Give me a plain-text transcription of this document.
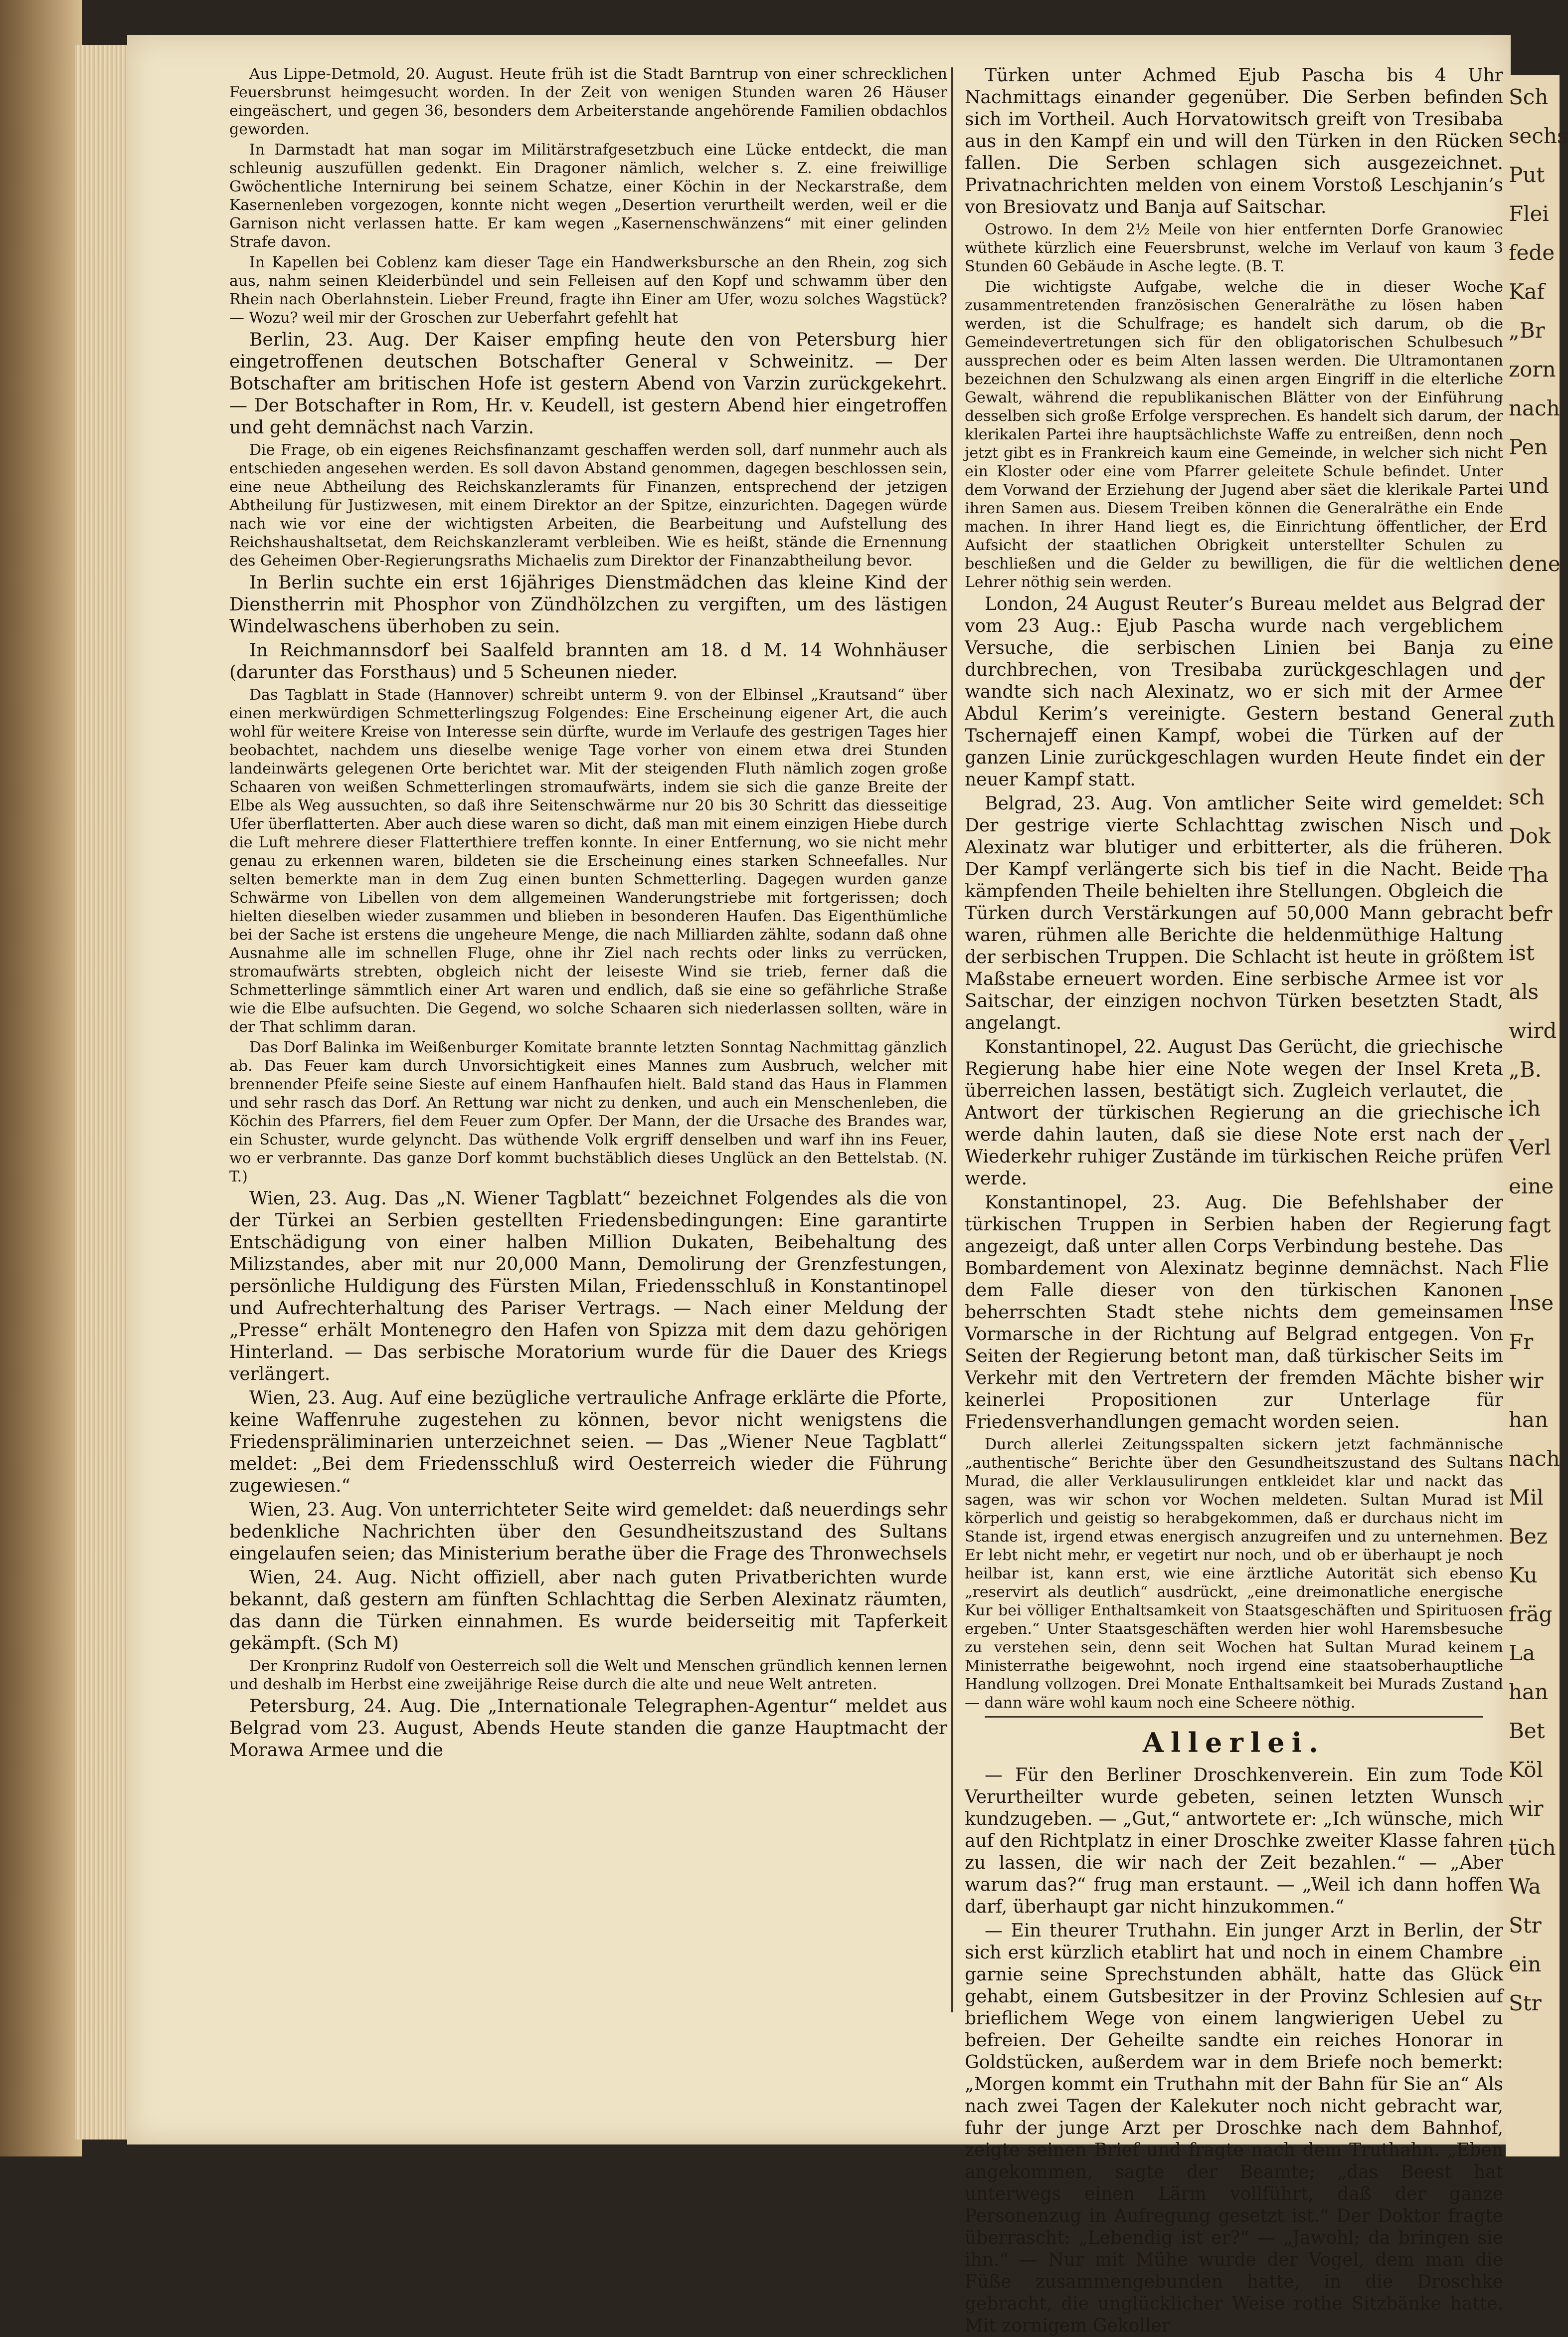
Aus Lippe-Detmold, 20. August. Heute früh ist die Stadt Barntrup von einer schrecklichen Feuersbrunst heimgesucht worden. In der Zeit von wenigen Stunden waren 26 Häuser eingeäschert, und gegen 36, besonders dem Arbeiterstande angehörende Familien obdachlos geworden.

In Darmstadt hat man sogar im Militärstrafgesetzbuch eine Lücke entdeckt, die man schleunig auszufüllen gedenkt. Ein Dragoner nämlich, welcher s. Z. eine freiwillige Gwöchentliche Internirung bei seinem Schatze, einer Köchin in der Neckarstraße, dem Kasernenleben vorgezogen, konnte nicht wegen „Desertion verurtheilt werden, weil er die Garnison nicht verlassen hatte. Er kam wegen „Kasernenschwänzens“ mit einer gelinden Strafe davon.

In Kapellen bei Coblenz kam dieser Tage ein Handwerksbursche an den Rhein, zog sich aus, nahm seinen Kleiderbündel und sein Felleisen auf den Kopf und schwamm über den Rhein nach Oberlahnstein. Lieber Freund, fragte ihn Einer am Ufer, wozu solches Wagstück? — Wozu? weil mir der Groschen zur Ueberfahrt gefehlt hat

Berlin, 23. Aug. Der Kaiser empfing heute den von Petersburg hier eingetroffenen deutschen Botschafter General v Schweinitz. — Der Botschafter am britischen Hofe ist gestern Abend von Varzin zurückgekehrt. — Der Botschafter in Rom, Hr. v. Keudell, ist gestern Abend hier eingetroffen und geht demnächst nach Varzin.

Die Frage, ob ein eigenes Reichsfinanzamt geschaffen werden soll, darf nunmehr auch als entschieden angesehen werden. Es soll davon Abstand genommen, dagegen beschlossen sein, eine neue Abtheilung des Reichskanzleramts für Finanzen, entsprechend der jetzigen Abtheilung für Justizwesen, mit einem Direktor an der Spitze, einzurichten. Dagegen würde nach wie vor eine der wichtigsten Arbeiten, die Bearbeitung und Aufstellung des Reichshaushaltsetat, dem Reichskanzleramt verbleiben. Wie es heißt, stände die Ernennung des Geheimen Ober-Regierungsraths Michaelis zum Direktor der Finanzabtheilung bevor.

In Berlin suchte ein erst 16jähriges Dienstmädchen das kleine Kind der Dienstherrin mit Phosphor von Zündhölzchen zu vergiften, um des lästigen Windelwaschens überhoben zu sein.

In Reichmannsdorf bei Saalfeld brannten am 18. d M. 14 Wohnhäuser (darunter das Forsthaus) und 5 Scheunen nieder.

Das Tagblatt in Stade (Hannover) schreibt unterm 9. von der Elbinsel „Krautsand“ über einen merkwürdigen Schmetterlingszug Folgendes: Eine Erscheinung eigener Art, die auch wohl für weitere Kreise von Interesse sein dürfte, wurde im Verlaufe des gestrigen Tages hier beobachtet, nachdem uns dieselbe wenige Tage vorher von einem etwa drei Stunden landeinwärts gelegenen Orte berichtet war. Mit der steigenden Fluth nämlich zogen große Schaaren von weißen Schmetterlingen stromaufwärts, indem sie sich die ganze Breite der Elbe als Weg aussuchten, so daß ihre Seitenschwärme nur 20 bis 30 Schritt das diesseitige Ufer überflatterten. Aber auch diese waren so dicht, daß man mit einem einzigen Hiebe durch die Luft mehrere dieser Flatterthiere treffen konnte. In einer Entfernung, wo sie nicht mehr genau zu erkennen waren, bildeten sie die Erscheinung eines starken Schneefalles. Nur selten bemerkte man in dem Zug einen bunten Schmetterling. Dagegen wurden ganze Schwärme von Libellen von dem allgemeinen Wanderungstriebe mit fortgerissen; doch hielten dieselben wieder zusammen und blieben in besonderen Haufen. Das Eigenthümliche bei der Sache ist erstens die ungeheure Menge, die nach Milliarden zählte, sodann daß ohne Ausnahme alle im schnellen Fluge, ohne ihr Ziel nach rechts oder links zu verrücken, stromaufwärts strebten, obgleich nicht der leiseste Wind sie trieb, ferner daß die Schmetterlinge sämmtlich einer Art waren und endlich, daß sie eine so gefährliche Straße wie die Elbe aufsuchten. Die Gegend, wo solche Schaaren sich niederlassen sollten, wäre in der That schlimm daran.

Das Dorf Balinka im Weißenburger Komitate brannte letzten Sonntag Nachmittag gänzlich ab. Das Feuer kam durch Unvorsichtigkeit eines Mannes zum Ausbruch, welcher mit brennender Pfeife seine Sieste auf einem Hanfhaufen hielt. Bald stand das Haus in Flammen und sehr rasch das Dorf. An Rettung war nicht zu denken, und auch ein Menschenleben, die Köchin des Pfarrers, fiel dem Feuer zum Opfer. Der Mann, der die Ursache des Brandes war, ein Schuster, wurde gelyncht. Das wüthende Volk ergriff denselben und warf ihn ins Feuer, wo er verbrannte. Das ganze Dorf kommt buchstäblich dieses Unglück an den Bettelstab. (N. T.)

Wien, 23. Aug. Das „N. Wiener Tagblatt“ bezeichnet Folgendes als die von der Türkei an Serbien gestellten Friedensbedingungen: Eine garantirte Entschädigung von einer halben Million Dukaten, Beibehaltung des Milizstandes, aber mit nur 20,000 Mann, Demolirung der Grenzfestungen, persönliche Huldigung des Fürsten Milan, Friedensschluß in Konstantinopel und Aufrechterhaltung des Pariser Vertrags. — Nach einer Meldung der „Presse“ erhält Montenegro den Hafen von Spizza mit dem dazu gehörigen Hinterland. — Das serbische Moratorium wurde für die Dauer des Kriegs verlängert.

Wien, 23. Aug. Auf eine bezügliche vertrauliche Anfrage erklärte die Pforte, keine Waffenruhe zugestehen zu können, bevor nicht wenigstens die Friedenspräliminarien unterzeichnet seien. — Das „Wiener Neue Tagblatt“ meldet: „Bei dem Friedensschluß wird Oesterreich wieder die Führung zugewiesen.“

Wien, 23. Aug. Von unterrichteter Seite wird gemeldet: daß neuerdings sehr bedenkliche Nachrichten über den Gesundheitszustand des Sultans eingelaufen seien; das Ministerium berathe über die Frage des Thronwechsels

Wien, 24. Aug. Nicht offiziell, aber nach guten Privatberichten wurde bekannt, daß gestern am fünften Schlachttag die Serben Alexinatz räumten, das dann die Türken einnahmen. Es wurde beiderseitig mit Tapferkeit gekämpft. (Sch M)

Der Kronprinz Rudolf von Oesterreich soll die Welt und Menschen gründlich kennen lernen und deshalb im Herbst eine zweijährige Reise durch die alte und neue Welt antreten.

Petersburg, 24. Aug. Die „Internationale Telegraphen-Agentur“ meldet aus Belgrad vom 23. August, Abends Heute standen die ganze Hauptmacht der Morawa Armee und die

Türken unter Achmed Ejub Pascha bis 4 Uhr Nachmittags einander gegenüber. Die Serben befinden sich im Vortheil. Auch Horvatowitsch greift von Tresibaba aus in den Kampf ein und will den Türken in den Rücken fallen. Die Serben schlagen sich ausgezeichnet. Privatnachrichten melden von einem Vorstoß Leschjanin’s von Bresiovatz und Banja auf Saitschar.

Ostrowo. In dem 2½ Meile von hier entfernten Dorfe Granowiec wüthete kürzlich eine Feuersbrunst, welche im Verlauf von kaum 3 Stunden 60 Gebäude in Asche legte. (B. T.

Die wichtigste Aufgabe, welche die in dieser Woche zusammentretenden französischen Generalräthe zu lösen haben werden, ist die Schulfrage; es handelt sich darum, ob die Gemeindevertretungen sich für den obligatorischen Schulbesuch aussprechen oder es beim Alten lassen werden. Die Ultramontanen bezeichnen den Schulzwang als einen argen Eingriff in die elterliche Gewalt, während die republikanischen Blätter von der Einführung desselben sich große Erfolge versprechen. Es handelt sich darum, der klerikalen Partei ihre hauptsächlichste Waffe zu entreißen, denn noch jetzt gibt es in Frankreich kaum eine Gemeinde, in welcher sich nicht ein Kloster oder eine vom Pfarrer geleitete Schule befindet. Unter dem Vorwand der Erziehung der Jugend aber säet die klerikale Partei ihren Samen aus. Diesem Treiben können die Generalräthe ein Ende machen. In ihrer Hand liegt es, die Einrichtung öffentlicher, der Aufsicht der staatlichen Obrigkeit unterstellter Schulen zu beschließen und die Gelder zu bewilligen, die für die weltlichen Lehrer nöthig sein werden.

London, 24 August Reuter’s Bureau meldet aus Belgrad vom 23 Aug.: Ejub Pascha wurde nach vergeblichem Versuche, die serbischen Linien bei Banja zu durchbrechen, von Tresibaba zurückgeschlagen und wandte sich nach Alexinatz, wo er sich mit der Armee Abdul Kerim’s vereinigte. Gestern bestand General Tschernajeff einen Kampf, wobei die Türken auf der ganzen Linie zurückgeschlagen wurden Heute findet ein neuer Kampf statt.

Belgrad, 23. Aug. Von amtlicher Seite wird gemeldet: Der gestrige vierte Schlachttag zwischen Nisch und Alexinatz war blutiger und erbitterter, als die früheren. Der Kampf verlängerte sich bis tief in die Nacht. Beide kämpfenden Theile behielten ihre Stellungen. Obgleich die Türken durch Verstärkungen auf 50,000 Mann gebracht waren, rühmen alle Berichte die heldenmüthige Haltung der serbischen Truppen. Die Schlacht ist heute in größtem Maßstabe erneuert worden. Eine serbische Armee ist vor Saitschar, der einzigen nochvon Türken besetzten Stadt, angelangt.

Konstantinopel, 22. August Das Gerücht, die griechische Regierung habe hier eine Note wegen der Insel Kreta überreichen lassen, bestätigt sich. Zugleich verlautet, die Antwort der türkischen Regierung an die griechische werde dahin lauten, daß sie diese Note erst nach der Wiederkehr ruhiger Zustände im türkischen Reiche prüfen werde.

Konstantinopel, 23. Aug. Die Befehlshaber der türkischen Truppen in Serbien haben der Regierung angezeigt, daß unter allen Corps Verbindung bestehe. Das Bombardement von Alexinatz beginne demnächst. Nach dem Falle dieser von den türkischen Kanonen beherrschten Stadt stehe nichts dem gemeinsamen Vormarsche in der Richtung auf Belgrad entgegen. Von Seiten der Regierung betont man, daß türkischer Seits im Verkehr mit den Vertretern der fremden Mächte bisher keinerlei Propositionen zur Unterlage für Friedensverhandlungen gemacht worden seien.

Durch allerlei Zeitungsspalten sickern jetzt fachmännische „authentische“ Berichte über den Gesundheitszustand des Sultans Murad, die aller Verklausulirungen entkleidet klar und nackt das sagen, was wir schon vor Wochen meldeten. Sultan Murad ist körperlich und geistig so herabgekommen, daß er durchaus nicht im Stande ist, irgend etwas energisch anzugreifen und zu unternehmen. Er lebt nicht mehr, er vegetirt nur noch, und ob er überhaupt je noch heilbar ist, kann erst, wie eine ärztliche Autorität sich ebenso „reservirt als deutlich“ ausdrückt, „eine dreimonatliche energische Kur bei völliger Enthaltsamkeit von Staatsgeschäften und Spirituosen ergeben.“ Unter Staatsgeschäften werden hier wohl Haremsbesuche zu verstehen sein, denn seit Wochen hat Sultan Murad keinem Ministerrathe beigewohnt, noch irgend eine staatsoberhauptliche Handlung vollzogen. Drei Monate Enthaltsamkeit bei Murads Zustand — dann wäre wohl kaum noch eine Scheere nöthig.

Allerlei.

— Für den Berliner Droschkenverein. Ein zum Tode Verurtheilter wurde gebeten, seinen letzten Wunsch kundzugeben. — „Gut,“ antwortete er: „Ich wünsche, mich auf den Richtplatz in einer Droschke zweiter Klasse fahren zu lassen, die wir nach der Zeit bezahlen.“ — „Aber warum das?“ frug man erstaunt. — „Weil ich dann hoffen darf, überhaupt gar nicht hinzukommen.“

— Ein theurer Truthahn. Ein junger Arzt in Berlin, der sich erst kürzlich etablirt hat und noch in einem Chambre garnie seine Sprechstunden abhält, hatte das Glück gehabt, einem Gutsbesitzer in der Provinz Schlesien auf brieflichem Wege von einem langwierigen Uebel zu befreien. Der Geheilte sandte ein reiches Honorar in Goldstücken, außerdem war in dem Briefe noch bemerkt: „Morgen kommt ein Truthahn mit der Bahn für Sie an“ Als nach zwei Tagen der Kalekuter noch nicht gebracht war, fuhr der junge Arzt per Droschke nach dem Bahnhof, zeigte seinen Brief und fragte nach dem Truthahn. „Eben angekommen, sagte der Beamte; „das Beest hat unterwegs einen Lärm vollführt, daß der ganze Personenzug in Aufregung gesetzt ist.“ Der Doktor fragte überrascht: „Lebendig ist er?“ — „Jawohl; da bringen sie ihn.“ — Nur mit Mühe wurde der Vogel, dem man die Füße zusammengebunden hatte, in die Droschke gebracht, die unglücklicher Weise rothe Sitzbänke hatte. Mit zornigem Gekoller

Sch
sechs
Put
Flei
fede
Kaf
„Br
zorn
nach
Pen
und
Erd
dene
der
eine
der
zuth
der
sch
Dok
Tha
befr
ist
als
wird
„B.
ich
Verl
eine
fagt
Flie
Inse
Fr
wir
han
nach
Mil
Bez
Ku
fräg
La
han
Bet
Köl
wir
tüch
Wa
Str
ein
Str
